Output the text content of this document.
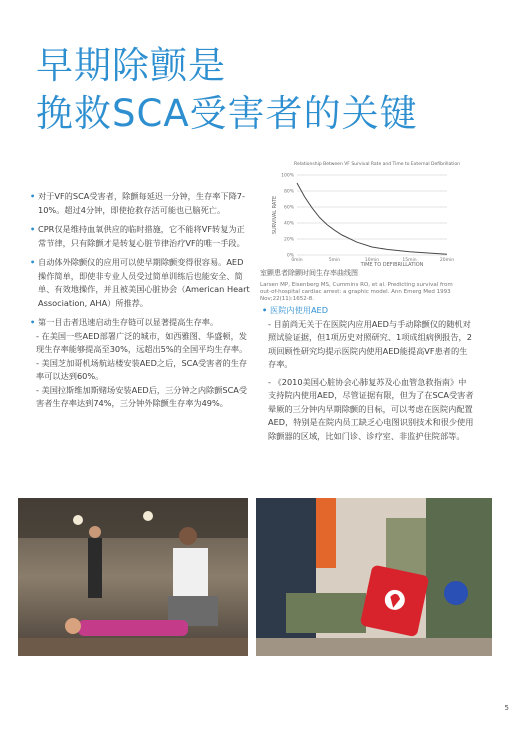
早期除颤是
挽救SCA受害者的关键
Relationship Between VF Survival Rate and Time to External Defibrillation
SURVIVAL RATE
100%
80%
60%
40%
20%
0%
0min	5min	10min	15min	20min
TIME TO DEFIBRILLATION
室颤患者除颤时间生存率曲线图
Larsen MP, Eisenberg MS, Cummins RO, et al. Predicting survival from out-of-hospital cardiac arrest: a graphic model. Ann Emerg Med 1993 Nov;22(11):1652-8.

• 对于VF的SCA受害者，除颤每延迟一分钟，生存率下降7-10%。超过4分钟，即使抢救存活可能也已脑死亡。

• CPR仅是维持血氧供应的临时措施，它不能将VF转复为正常节律，只有除颤才是转复心脏节律治疗VF的唯一手段。

• 自动体外除颤仪的应用可以使早期除颤变得很容易。AED操作简单，即使非专业人员受过简单训练后也能安全、简单、有效地操作，并且被美国心脏协会（American Heart Association, AHA）所推荐。

• 第一目击者迅速启动生存链可以显著提高生存率。

- 在美国一些AED部署广泛的城市，如西雅图、华盛顿，发现生存率能够提高至30%，远超出5%的全国平均生存率。

- 美国芝加哥机场航站楼安装AED之后，SCA受害者的生存率可以达到60%。

- 美国拉斯维加斯赌场安装AED后，三分钟之内除颤SCA受害者生存率达到74%，三分钟外除颤生存率为49%。

• 医院内使用AED

- 目前尚无关于在医院内应用AED与手动除颤仪的随机对照试验证据，但1项历史对照研究、1项成组病例报告，2项回顾性研究均提示医院内使用AED能提高VF患者的生存率。

- 《2010美国心脏协会心肺复苏及心血管急救指南》中支持院内使用AED，尽管证据有限，但为了在SCA受害者晕厥的三分钟内早期除颤的目标，可以考虑在医院内配置AED，特别是在院内员工缺乏心电图识别技术和很少使用除颤器的区域，比如门诊、诊疗室、非监护住院部等。

5
